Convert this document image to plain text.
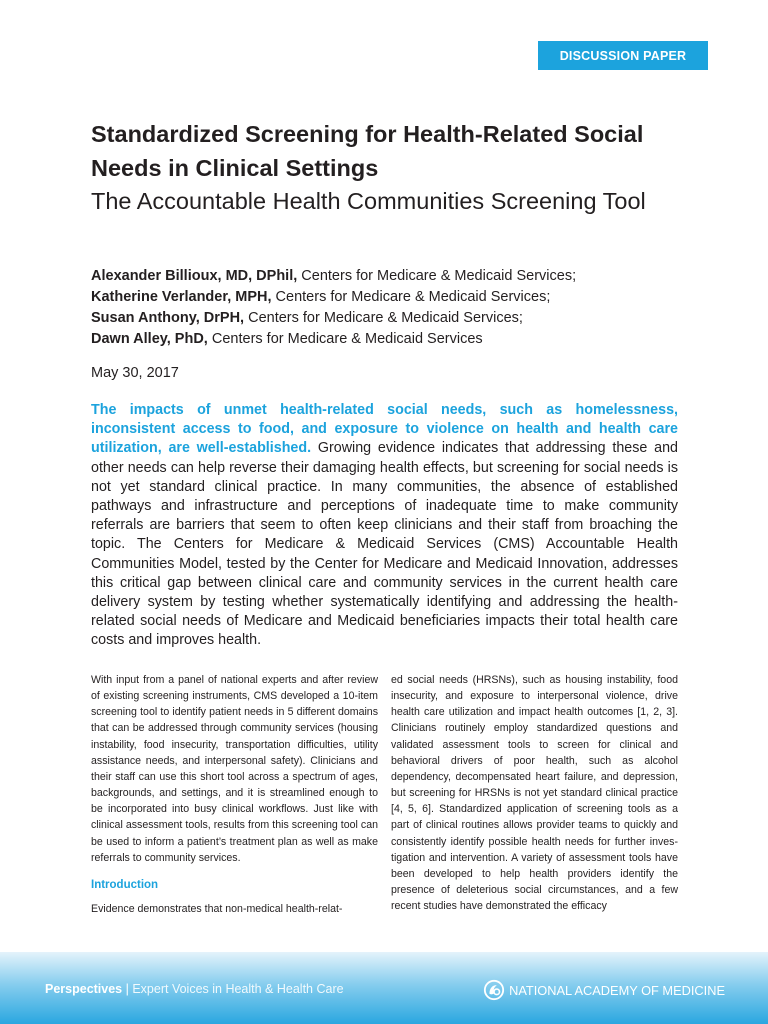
DISCUSSION PAPER
Standardized Screening for Health-Related Social Needs in Clinical Settings
The Accountable Health Communities Screening Tool
Alexander Billioux, MD, DPhil, Centers for Medicare & Medicaid Services;
Katherine Verlander, MPH, Centers for Medicare & Medicaid Services;
Susan Anthony, DrPH, Centers for Medicare & Medicaid Services;
Dawn Alley, PhD, Centers for Medicare & Medicaid Services
May 30, 2017

The impacts of unmet health-related social needs, such as homelessness, inconsistent access to food, and exposure to violence on health and health care utilization, are well-established. Growing evidence indicates that addressing these and other needs can help reverse their damaging health effects, but screening for social needs is not yet standard clinical practice. In many communities, the absence of established pathways and infrastructure and perceptions of inadequate time to make community referrals are barriers that seem to often keep clinicians and their staff from broaching the topic. The Centers for Medicare & Medicaid Services (CMS) Accountable Health Communities Model, tested by the Center for Medicare and Medicaid Innovation, addresses this critical gap between clinical care and community services in the current health care delivery system by testing whether systematically identifying and addressing the health-related social needs of Medicare and Medicaid beneficiaries impacts their total health care costs and improves health.

With input from a panel of national experts and after review of existing screening instruments, CMS developed a 10-item screening tool to identify patient needs in 5 different domains that can be addressed through community services (housing instability, food insecurity, transportation difficulties, utility assistance needs, and interpersonal safety). Clinicians and their staff can use this short tool across a spectrum of ages, backgrounds, and settings, and it is streamlined enough to be incorporated into busy clinical workflows. Just like with clinical assessment tools, results from this screening tool can be used to inform a patient’s treatment plan as well as make referrals to community services.

Introduction

Evidence demonstrates that non-medical health-relat-

ed social needs (HRSNs), such as housing instability, food insecurity, and exposure to interpersonal violence, drive health care utilization and impact health outcomes [1, 2, 3]. Clinicians routinely employ standardized questions and validated assessment tools to screen for clinical and behavioral drivers of poor health, such as alcohol dependency, decompensated heart failure, and depression, but screening for HRSNs is not yet standard clinical practice [4, 5, 6]. Standardized application of screening tools as a part of clinical routines allows provider teams to quickly and consistently identify possible health needs for further investigation and intervention. A variety of assessment tools have been developed to help health providers identify the presence of deleterious social circumstances, and a few recent studies have demonstrated the efficacy

Perspectives | Expert Voices in Health & Health Care	NATIONAL ACADEMY OF MEDICINE
